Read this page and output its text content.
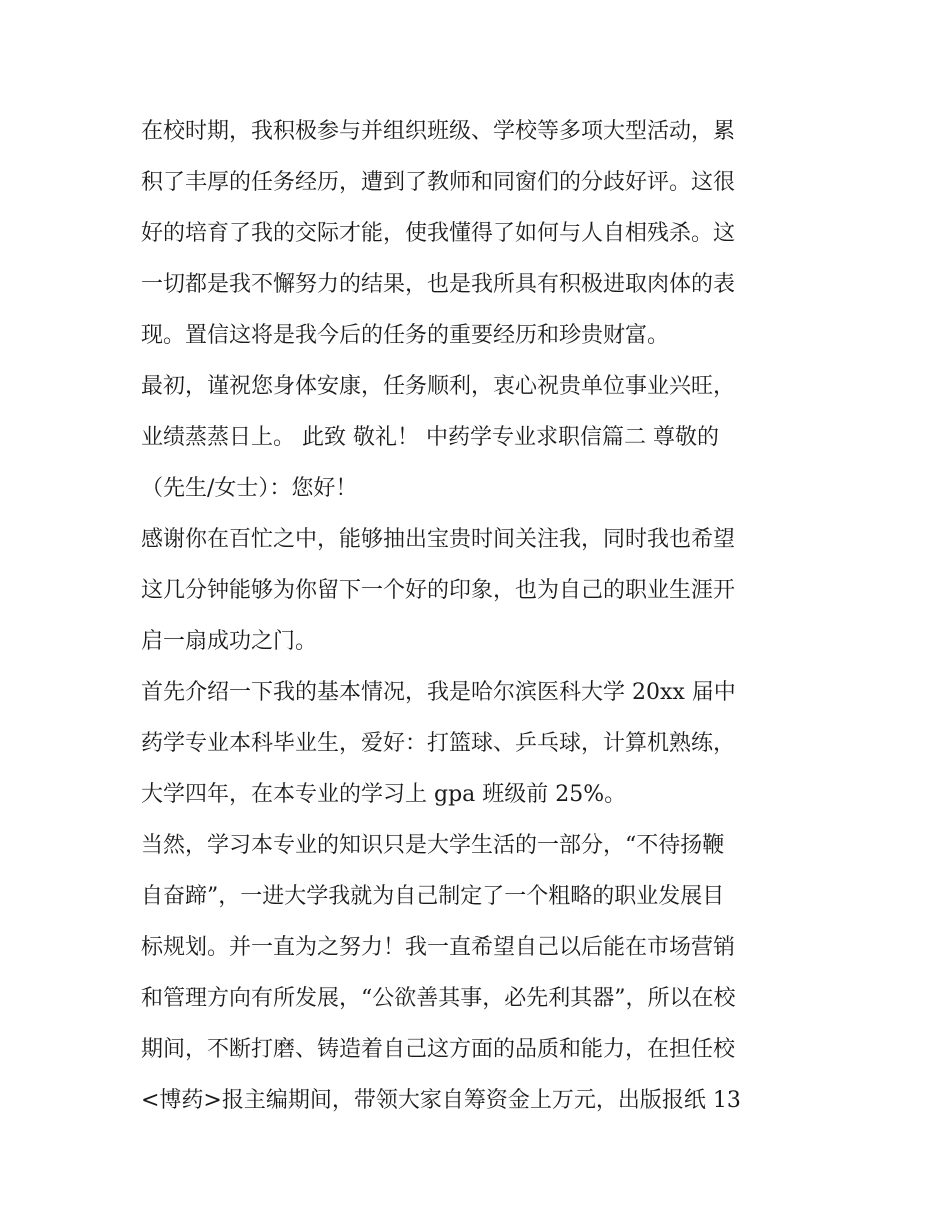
在校时期，我积极参与并组织班级、学校等多项大型活动，累
积了丰厚的任务经历，遭到了教师和同窗们的分歧好评。这很
好的培育了我的交际才能，使我懂得了如何与人自相残杀。这
一切都是我不懈努力的结果，也是我所具有积极进取肉体的表
现。置信这将是我今后的任务的重要经历和珍贵财富。
最初，谨祝您身体安康，任务顺利，衷心祝贵单位事业兴旺，
业绩蒸蒸日上。 此致 敬礼！ 中药学专业求职信篇二 尊敬的
（先生/女士）：您好！
感谢你在百忙之中，能够抽出宝贵时间关注我，同时我也希望
这几分钟能够为你留下一个好的印象，也为自己的职业生涯开
启一扇成功之门。
首先介绍一下我的基本情况，我是哈尔滨医科大学 20xx 届中
药学专业本科毕业生，爱好：打篮球、乒乓球，计算机熟练，
大学四年，在本专业的学习上 gpa 班级前 25%。
当然，学习本专业的知识只是大学生活的一部分，“不待扬鞭
自奋蹄”，一进大学我就为自己制定了一个粗略的职业发展目
标规划。并一直为之努力！我一直希望自己以后能在市场营销
和管理方向有所发展，“公欲善其事，必先利其器”，所以在校
期间，不断打磨、铸造着自己这方面的品质和能力，在担任校
<博药>报主编期间，带领大家自筹资金上万元，出版报纸 13
